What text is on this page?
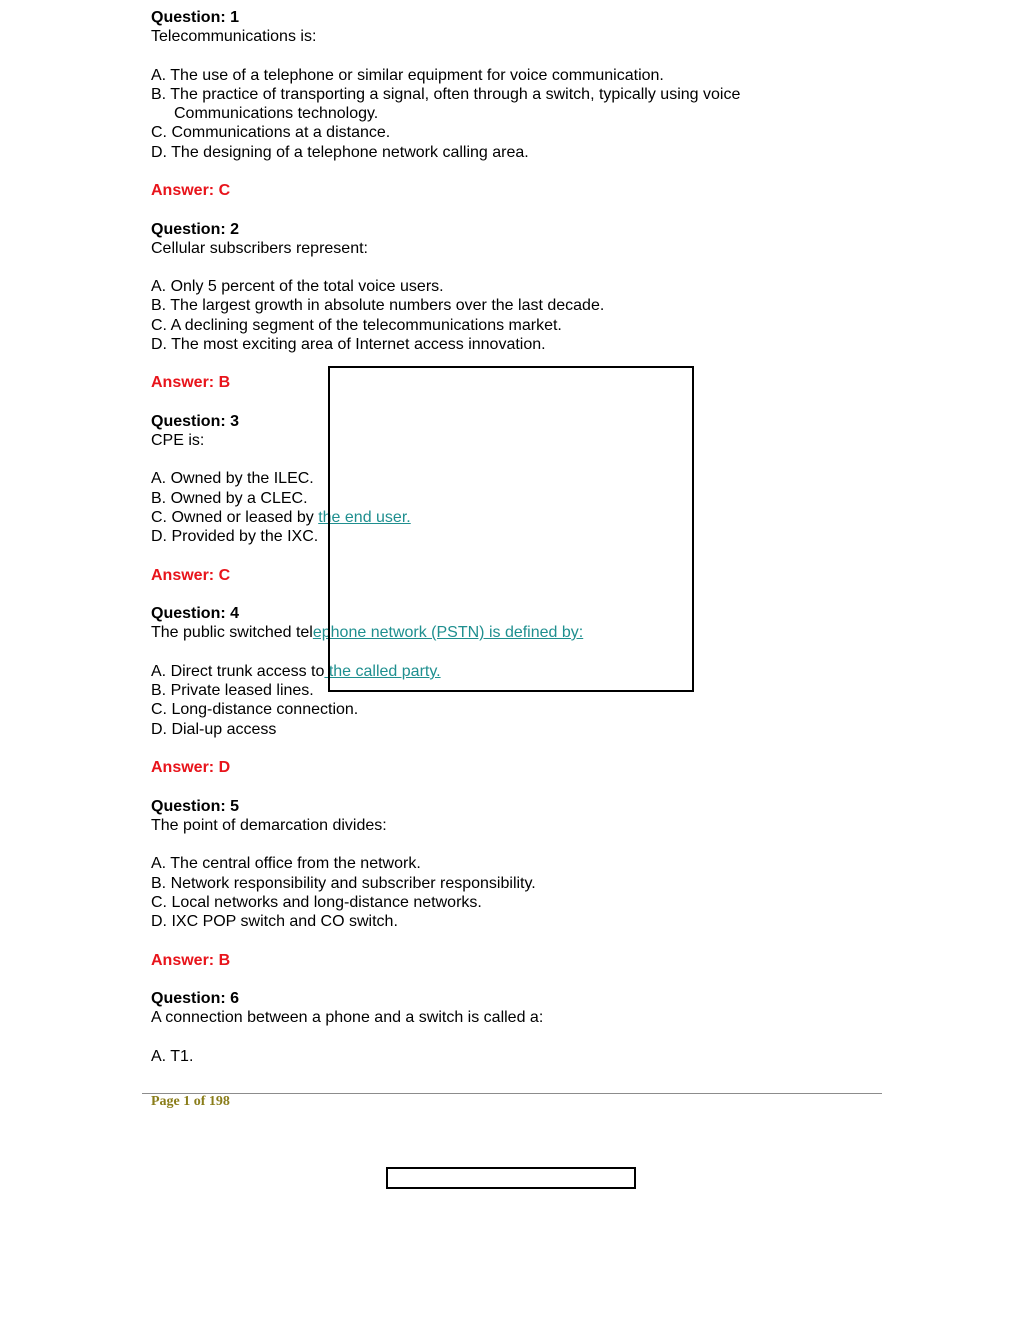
Question: 1
Telecommunications is:
A. The use of a telephone or similar equipment for voice communication.
B. The practice of transporting a signal, often through a switch, typically using voice
Communications technology.
C. Communications at a distance.
D. The designing of a telephone network calling area.
Answer: C
Question: 2
Cellular subscribers represent:
A. Only 5 percent of the total voice users.
B. The largest growth in absolute numbers over the last decade.
C. A declining segment of the telecommunications market.
D. The most exciting area of Internet access innovation.
Answer: B
Question: 3
CPE is:
A. Owned by the ILEC.
B. Owned by a CLEC.
C. Owned or leased by the end user.
D. Provided by the IXC.
Answer: C
Question: 4
The public switched telephone network (PSTN) is defined by:
A. Direct trunk access to the called party.
B. Private leased lines.
C. Long-distance connection.
D. Dial-up access
Answer: D
Question: 5
The point of demarcation divides:
A. The central office from the network.
B. Network responsibility and subscriber responsibility.
C. Local networks and long-distance networks.
D. IXC POP switch and CO switch.
Answer: B
Question: 6
A connection between a phone and a switch is called a:
A. T1.
Page 1 of 198
